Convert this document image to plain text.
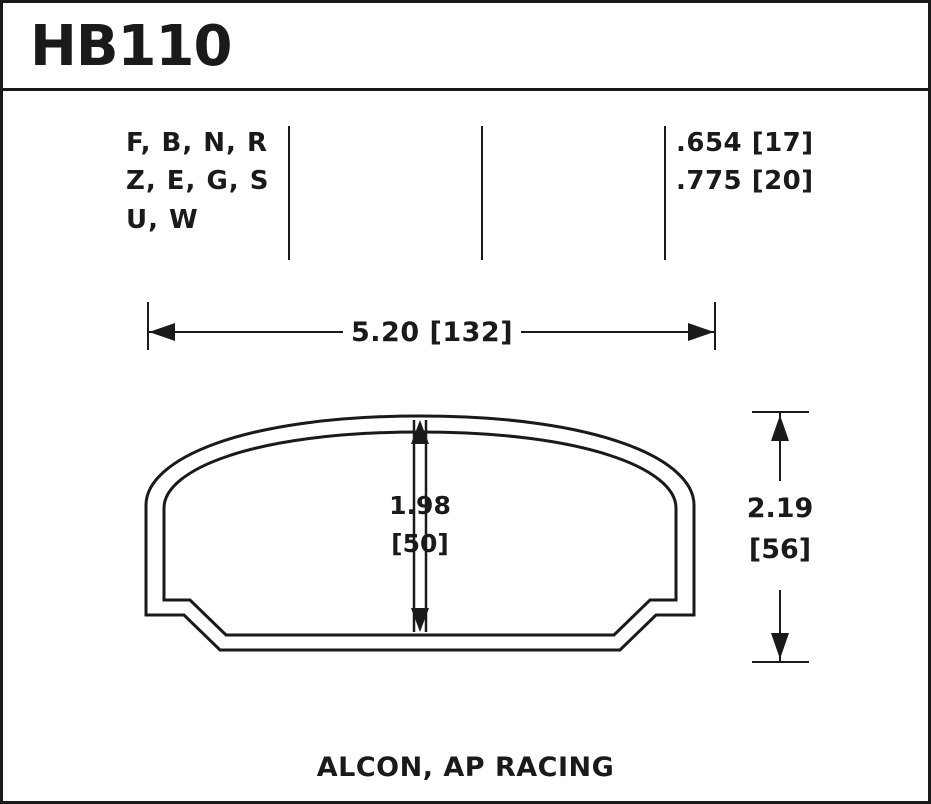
HB110
F, B, N, R
Z, E, G, S
U, W
.654 [17]
.775 [20]
5.20 [132]
1.98
[50]
2.19
[56]
ALCON, AP RACING
